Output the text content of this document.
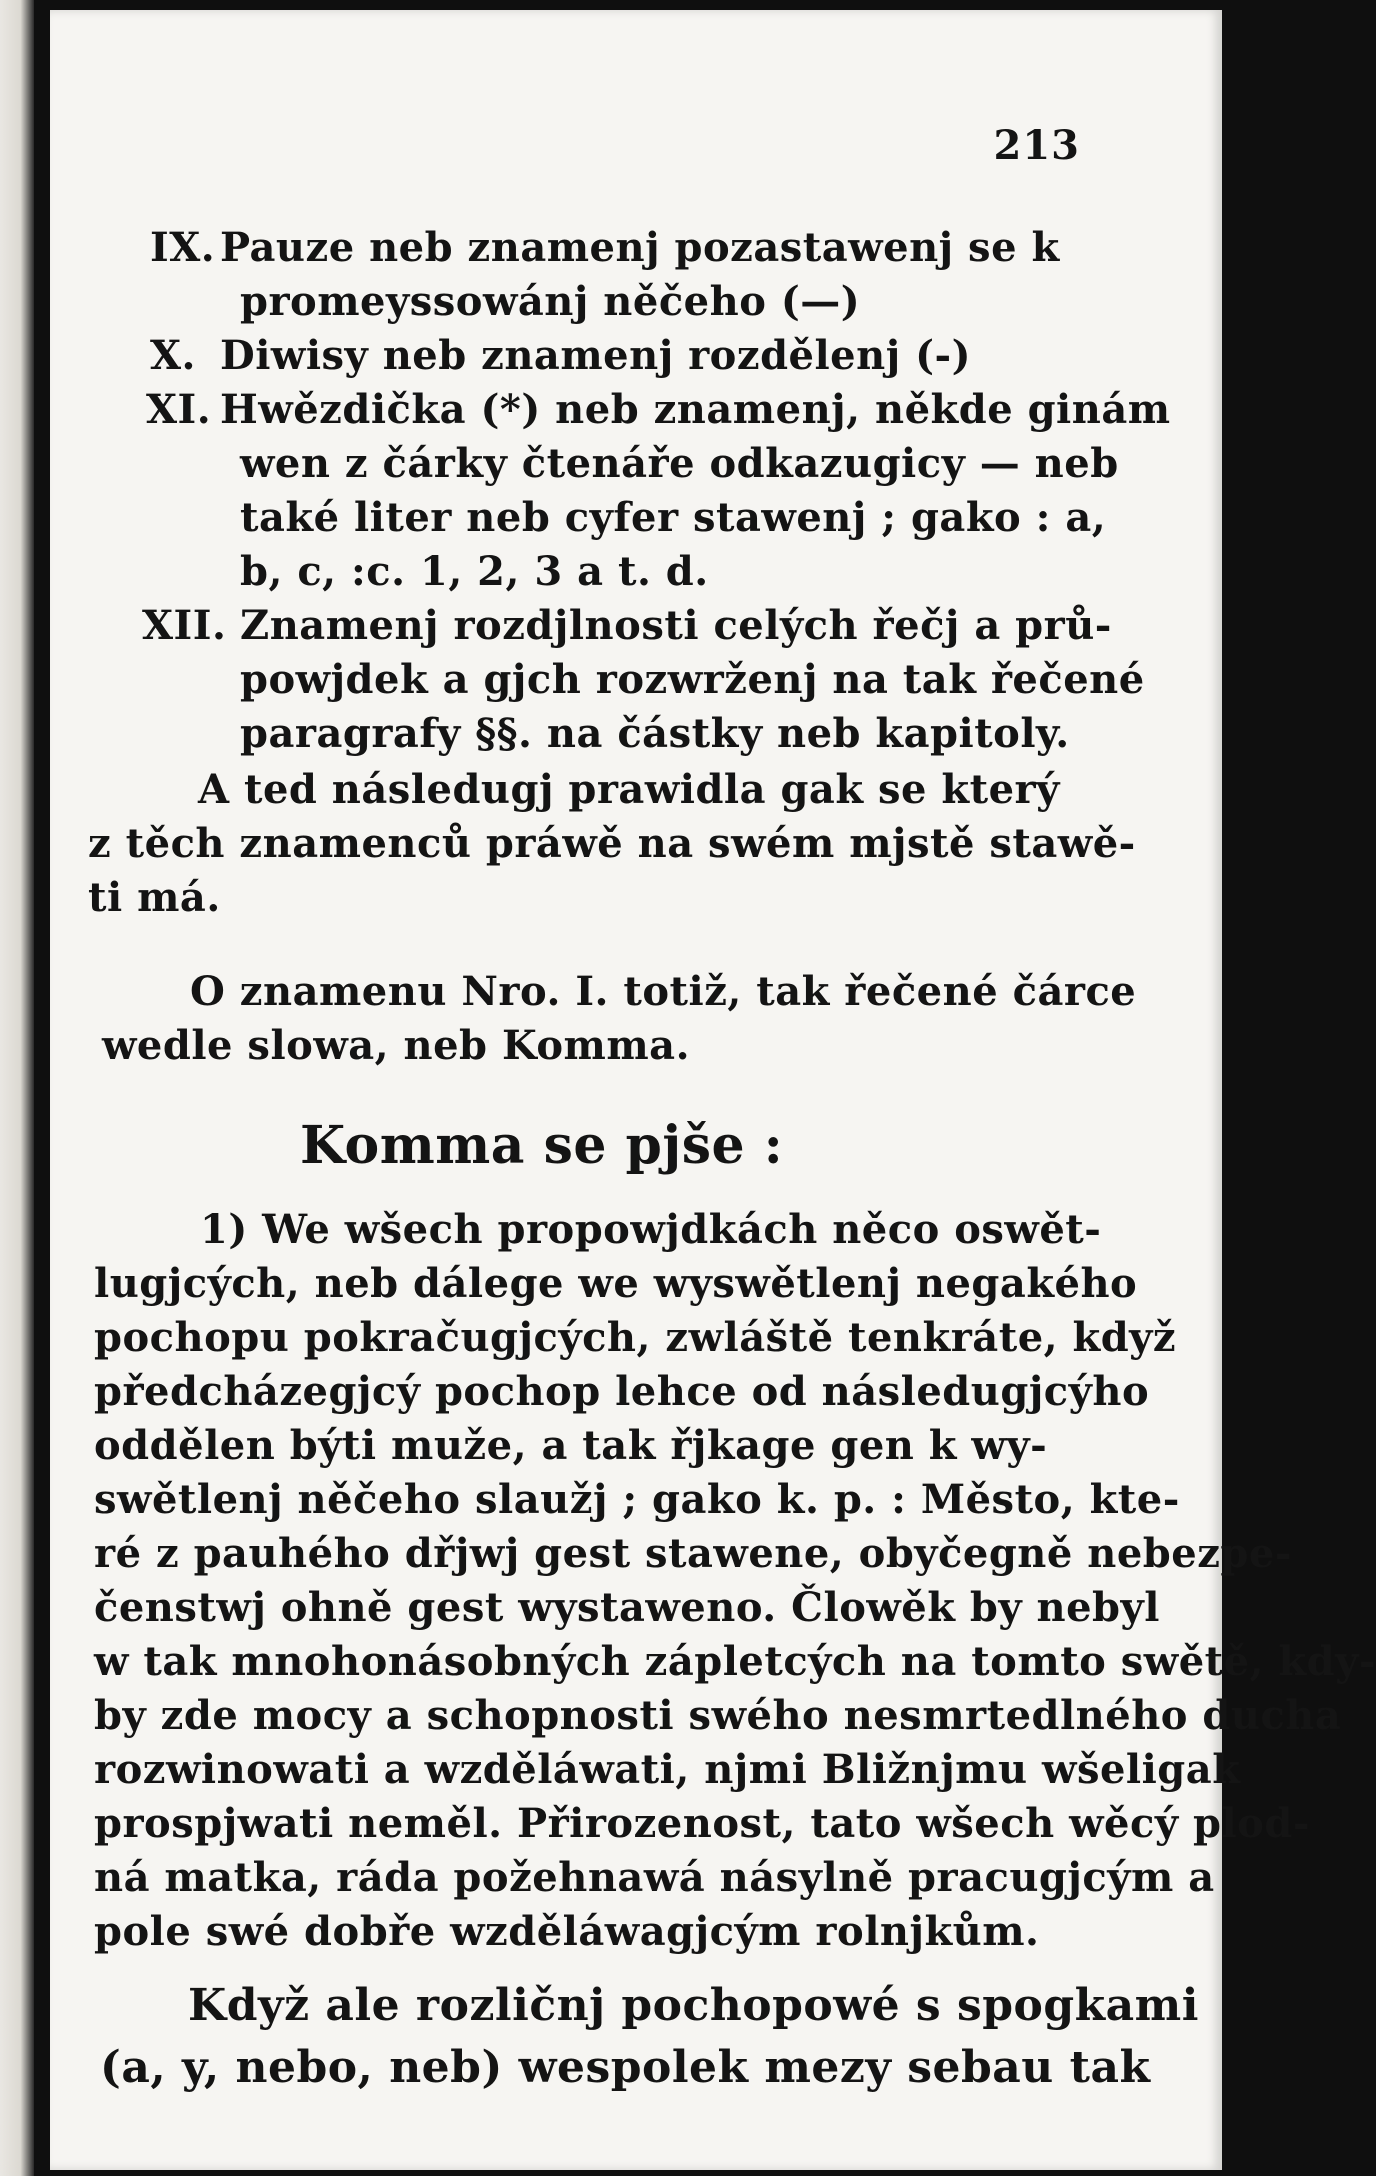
213
IX. Pauze neb znamenj pozastawenj se k
promeyssowánj něčeho (—)
X. Diwisy neb znamenj rozdělenj (-)
XI. Hwězdička (*) neb znamenj, někde ginám
wen z čárky čtenáře odkazugicy — neb
také liter neb cyfer stawenj ; gako : a,
b, c, :c. 1, 2, 3 a t. d.
XII. Znamenj rozdjlnosti celých řečj a prů-
powjdek a gjch rozwrženj na tak řečené
paragrafy §§. na částky neb kapitoly.
A ted následugj prawidla gak se který
z těch znamenců práwě na swém mjstě stawě-
ti má.
O znamenu Nro. I. totiž, tak řečené čárce
wedle slowa, neb Komma.
Komma se pjše :
1) We wšech propowjdkách něco oswět-
lugjcých, neb dálege we wyswětlenj negakého
pochopu pokračugjcých, zwláště tenkráte, když
předcházegjcý pochop lehce od následugjcýho
oddělen býti muže, a tak řjkage gen k wy-
swětlenj něčeho slaužj ; gako k. p. : Město, kte-
ré z pauhého dřjwj gest stawene, obyčegně nebezpe-
čenstwj ohně gest wystaweno. Člowěk by nebyl
w tak mnohonásobných zápletcých na tomto swětě, kdy-
by zde mocy a schopnosti swého nesmrtedlného ducha
rozwinowati a wzděláwati, njmi Bližnjmu wšeligak
prospjwati neměl. Přirozenost, tato wšech wěcý plod-
ná matka, ráda požehnawá násylně pracugjcým a
pole swé dobře wzděláwagjcým rolnjkům.
Když ale rozličnj pochopowé s spogkami
(a, y, nebo, neb) wespolek mezy sebau tak
